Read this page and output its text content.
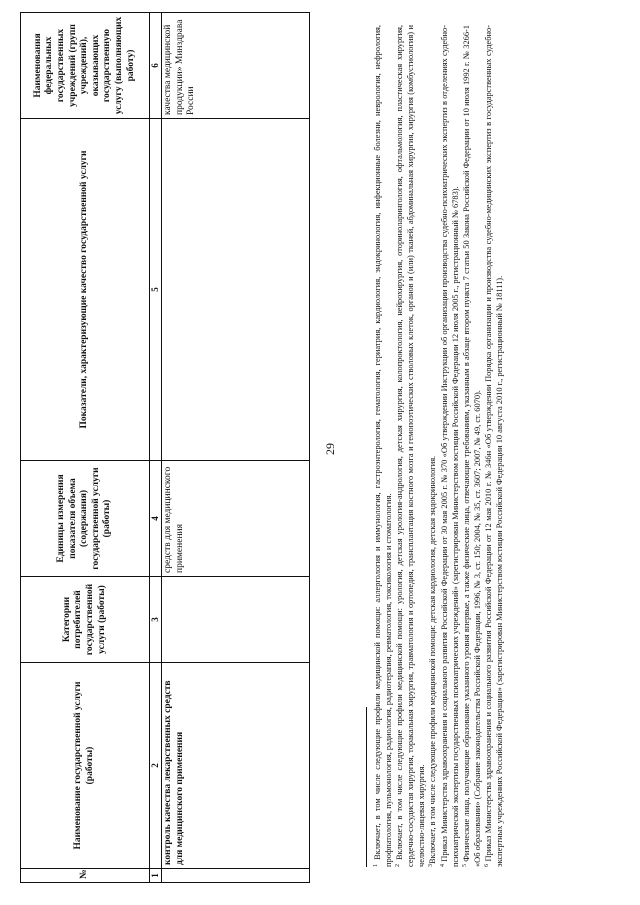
29
№	Наименование государственной услуги (работы)	Категории потребителей государственной услуги (работы)	Единицы измерения показателя объема (содержания) государственной услуги (работы)	Показатели, характеризующие качество государственной услуги	Наименования федеральных государственных учреждений (групп учреждений), оказывающих государственную услугу (выполняющих работу)
1	2	3	4	5	6
	контроль качества лекарственных средств для медицинского применения		средств для медицинского применения		качества медицинской продукции» Минздрава России

$^1$ Включает, в том числе следующие профили медицинской помощи: аллергология и иммунология, гастроэнтерология, гематология, гериатрия, кардиология, эндокринология, инфекционные болезни, неврология, нефрология, профпатология, пульмонология, радиология, радиотерапия, ревматология, токсикология и стоматология. $^2$ Включает, в том числе следующие профили медицинской помощи: урология, детская урология-андрология, детская хирургия, колопроктология, нейрохирургия, оториноларингология, офтальмология, пластическая хирургия, сердечно-сосудистая хирургия, торакальная хирургия, травматология и ортопедия, трансплантация костного мозга и гемопоэтических стволовых клеток, органов и (или) тканей, абдоминальная хирургия, хирургия (комбустиология) и челюстно-лицевая хирургия. $^3$Включает, в том числе следующие профили медицинской помощи: детская кардиология, детская эндокринология.

$^4$ Приказ Министерства здравоохранения и социального развития Российской Федерации от 30 мая 2005 г. № 370 «Об утверждении Инструкции об организации производства судебно-психиатрических экспертиз в отделениях судебно-психиатрической экспертизы государственных психиатрических учреждений» (зарегистрирован Министерством юстиции Российской Федерации 12 июля 2005 г., регистрационный № 6783). $^5$ Физические лица, получающие образование указанного уровня впервые, а также физические лица, отвечающие требованиям, указанным в абзаце втором пункта 7 статьи 50 Закона Российской Федерации от 10 июля 1992 г. № 3266-1 «Об образовании» (Собрание законодательства Российской Федерации, 1996, № 3, ст. 150; 2004, № 35, ст. 3607; 2007, № 49, ст. 6070). $^6$ Приказ Министерства здравоохранения и социального развития Российской Федерации от 12 мая 2010 г. № 346н «Об утверждении Порядка организации и производства судебно-медицинских экспертиз в государственных судебно-экспертных учреждениях Российской Федерации» (зарегистрирован Министерством юстиции Российской Федерации 10 августа 2010 г., регистрационный № 18111).
